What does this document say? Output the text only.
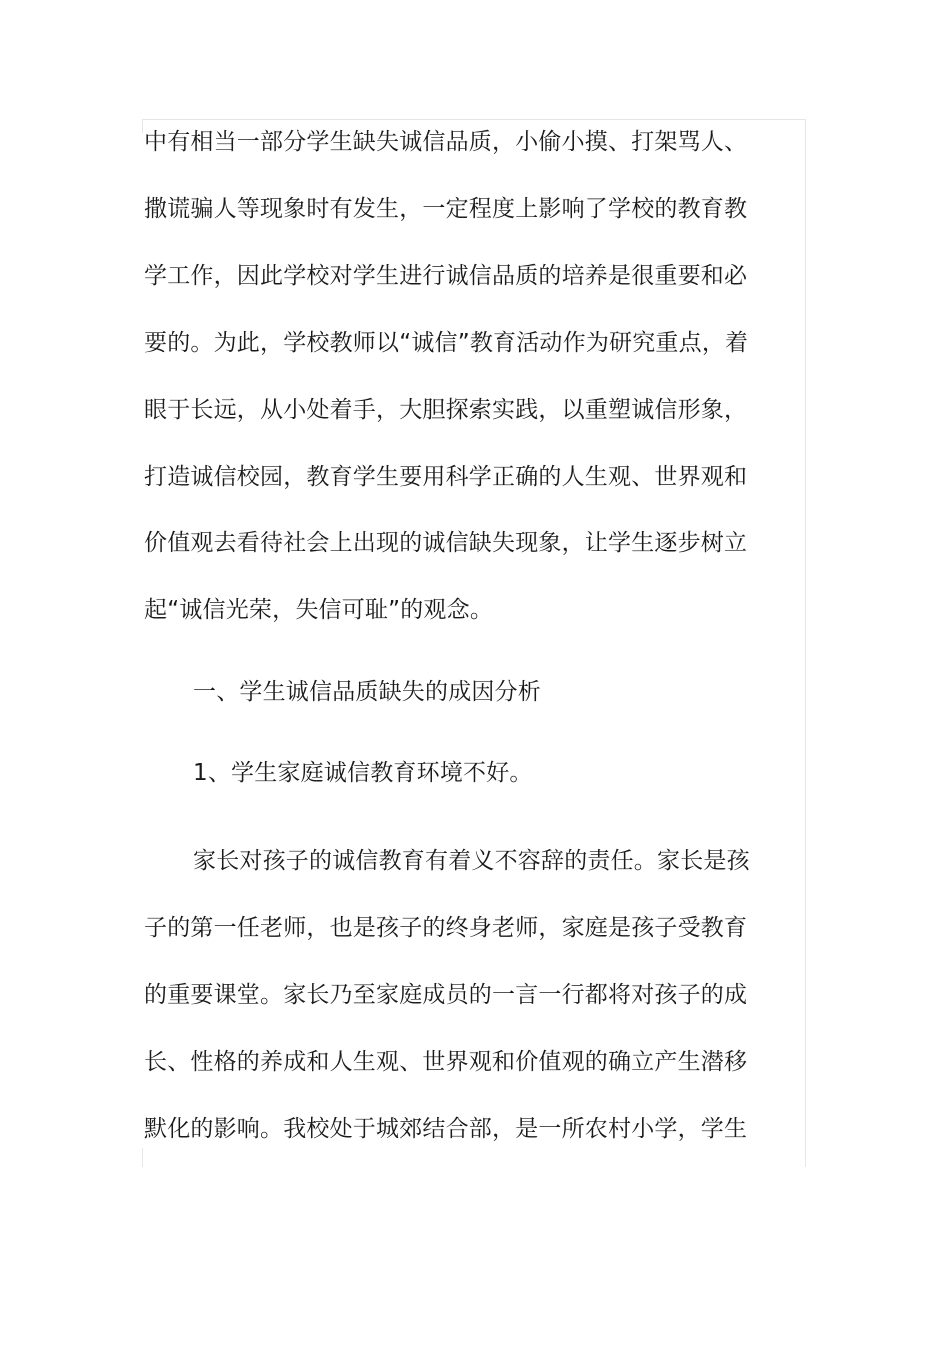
中有相当一部分学生缺失诚信品质，小偷小摸、打架骂人、
撒谎骗人等现象时有发生，一定程度上影响了学校的教育教
学工作，因此学校对学生进行诚信品质的培养是很重要和必
要的。为此，学校教师以“诚信”教育活动作为研究重点，着
眼于长远，从小处着手，大胆探索实践，以重塑诚信形象，
打造诚信校园，教育学生要用科学正确的人生观、世界观和
价值观去看待社会上出现的诚信缺失现象，让学生逐步树立
起“诚信光荣，失信可耻”的观念。
一、学生诚信品质缺失的成因分析
1、学生家庭诚信教育环境不好。
家长对孩子的诚信教育有着义不容辞的责任。家长是孩
子的第一任老师，也是孩子的终身老师，家庭是孩子受教育
的重要课堂。家长乃至家庭成员的一言一行都将对孩子的成
长、性格的养成和人生观、世界观和价值观的确立产生潜移
默化的影响。我校处于城郊结合部，是一所农村小学，学生
